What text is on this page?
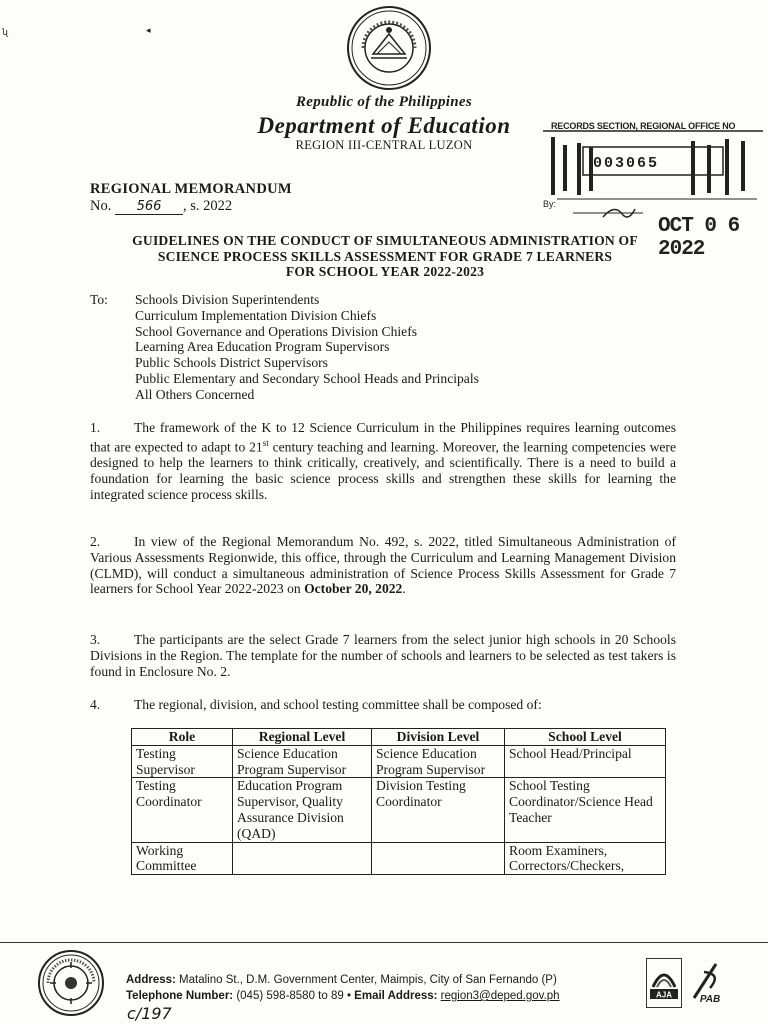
ʯ	◂
Republic of the Philippines
Department of Education
REGION III-CENTRAL LUZON
RECORDS SECTION, REGIONAL OFFICE NO
003065
By:
OCT 0 6 2022
REGIONAL MEMORANDUM
No. 566 , s. 2022
GUIDELINES ON THE CONDUCT OF SIMULTANEOUS ADMINISTRATION OF
SCIENCE PROCESS SKILLS ASSESSMENT FOR GRADE 7 LEARNERS
FOR SCHOOL YEAR 2022-2023
To: Schools Division Superintendents
Curriculum Implementation Division Chiefs
School Governance and Operations Division Chiefs
Learning Area Education Program Supervisors
Public Schools District Supervisors
Public Elementary and Secondary School Heads and Principals
All Others Concerned
1. The framework of the K to 12 Science Curriculum in the Philippines requires learning outcomes that are expected to adapt to 21st century teaching and learning. Moreover, the learning competencies were designed to help the learners to think critically, creatively, and scientifically. There is a need to build a foundation for learning the basic science process skills and strengthen these skills for learning the integrated science process skills.
2. In view of the Regional Memorandum No. 492, s. 2022, titled Simultaneous Administration of Various Assessments Regionwide, this office, through the Curriculum and Learning Management Division (CLMD), will conduct a simultaneous administration of Science Process Skills Assessment for Grade 7 learners for School Year 2022-2023 on October 20, 2022.
3. The participants are the select Grade 7 learners from the select junior high schools in 20 Schools Divisions in the Region. The template for the number of schools and learners to be selected as test takers is found in Enclosure No. 2.
4. The regional, division, and school testing committee shall be composed of:
Role	Regional Level	Division Level	School Level
Testing Supervisor	Science Education Program Supervisor	Science Education Program Supervisor	School Head/Principal
Testing Coordinator	Education Program Supervisor, Quality Assurance Division (QAD)	Division Testing Coordinator	School Testing Coordinator/Science Head Teacher
Working Committee			Room Examiners, Correctors/Checkers,
Address: Matalino St., D.M. Government Center, Maimpis, City of San Fernando (P)
Telephone Number: (045) 598-8580 to 89 • Email Address: region3@deped.gov.ph
c/197
AJA	PAB
